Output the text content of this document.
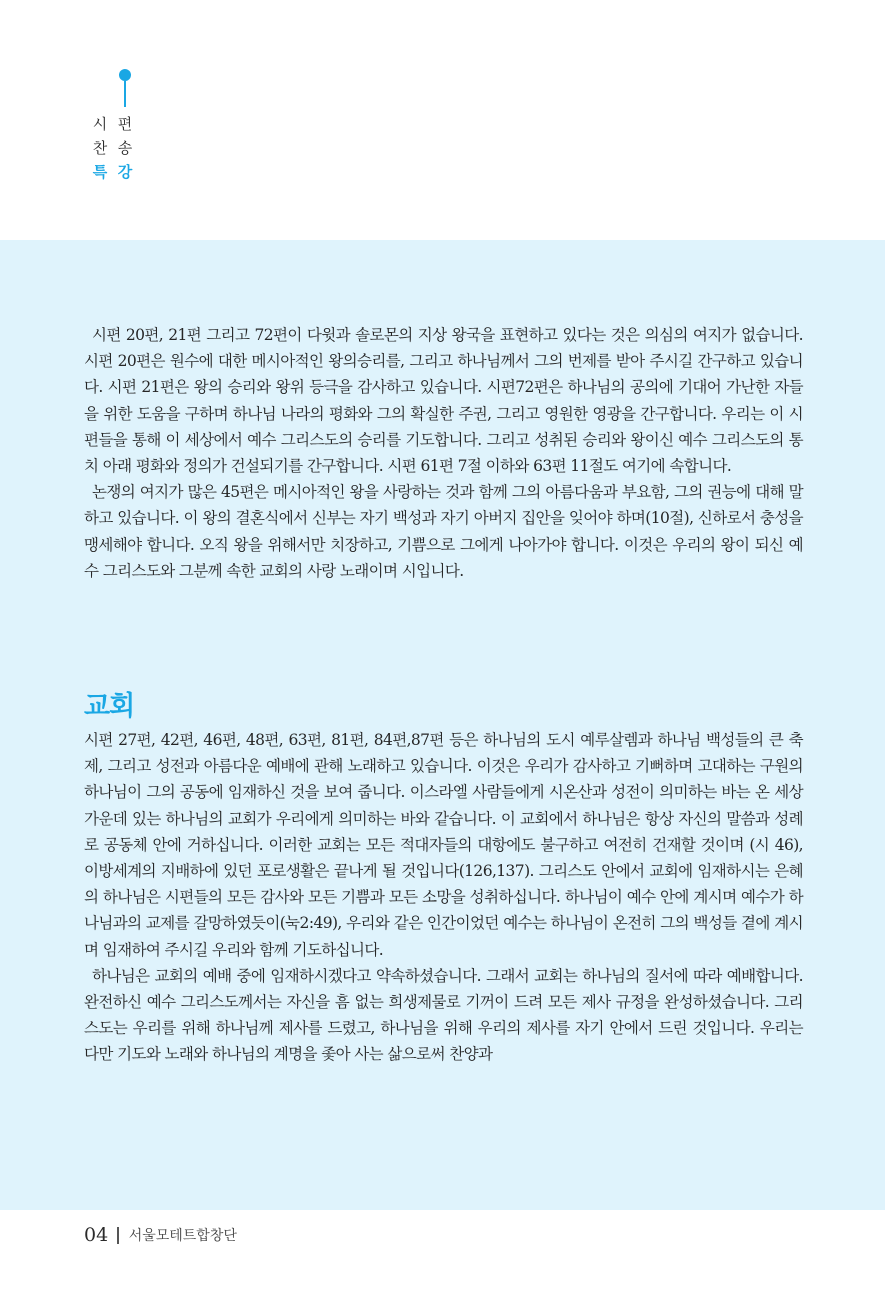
시
찬
특
편
송
강

시편 20편, 21편 그리고 72편이 다윗과 솔로몬의 지상 왕국을 표현하고 있다는 것은 의심의 여지가 없습니다. 시편 20편은 원수에 대한 메시아적인 왕의승리를, 그리고 하나님께서 그의 번제를 받아 주시길 간구하고 있습니다. 시편 21편은 왕의 승리와 왕위 등극을 감사하고 있습니다. 시편72편은 하나님의 공의에 기대어 가난한 자들을 위한 도움을 구하며 하나님 나라의 평화와 그의 확실한 주권, 그리고 영원한 영광을 간구합니다. 우리는 이 시편들을 통해 이 세상에서 예수 그리스도의 승리를 기도합니다. 그리고 성취된 승리와 왕이신 예수 그리스도의 통치 아래 평화와 정의가 건설되기를 간구합니다. 시편 61편 7절 이하와 63편 11절도 여기에 속합니다.

논쟁의 여지가 많은 45편은 메시아적인 왕을 사랑하는 것과 함께 그의 아름다움과 부요함, 그의 권능에 대해 말하고 있습니다. 이 왕의 결혼식에서 신부는 자기 백성과 자기 아버지 집안을 잊어야 하며(10절), 신하로서 충성을 맹세해야 합니다. 오직 왕을 위해서만 치장하고, 기쁨으로 그에게 나아가야 합니다. 이것은 우리의 왕이 되신 예수 그리스도와 그분께 속한 교회의 사랑 노래이며 시입니다.

교회

시편 27편, 42편, 46편, 48편, 63편, 81편, 84편,87편 등은 하나님의 도시 예루살렘과 하나님 백성들의 큰 축제, 그리고 성전과 아름다운 예배에 관해 노래하고 있습니다. 이것은 우리가 감사하고 기뻐하며 고대하는 구원의 하나님이 그의 공동에 임재하신 것을 보여 줍니다. 이스라엘 사람들에게 시온산과 성전이 의미하는 바는 온 세상 가운데 있는 하나님의 교회가 우리에게 의미하는 바와 같습니다. 이 교회에서 하나님은 항상 자신의 말씀과 성례로 공동체 안에 거하십니다. 이러한 교회는 모든 적대자들의 대항에도 불구하고 여전히 건재할 것이며 (시 46), 이방세계의 지배하에 있던 포로생활은 끝나게 될 것입니다(126,137). 그리스도 안에서 교회에 임재하시는 은혜의 하나님은 시편들의 모든 감사와 모든 기쁨과 모든 소망을 성취하십니다. 하나님이 예수 안에 계시며 예수가 하나님과의 교제를 갈망하였듯이(눅2:49), 우리와 같은 인간이었던 예수는 하나님이 온전히 그의 백성들 곁에 계시며 임재하여 주시길 우리와 함께 기도하십니다.

하나님은 교회의 예배 중에 임재하시겠다고 약속하셨습니다. 그래서 교회는 하나님의 질서에 따라 예배합니다. 완전하신 예수 그리스도께서는 자신을 흠 없는 희생제물로 기꺼이 드려 모든 제사 규정을 완성하셨습니다. 그리스도는 우리를 위해 하나님께 제사를 드렸고, 하나님을 위해 우리의 제사를 자기 안에서 드린 것입니다. 우리는 다만 기도와 노래와 하나님의 계명을 좇아 사는 삶으로써 찬양과

04 서울모테트합창단
